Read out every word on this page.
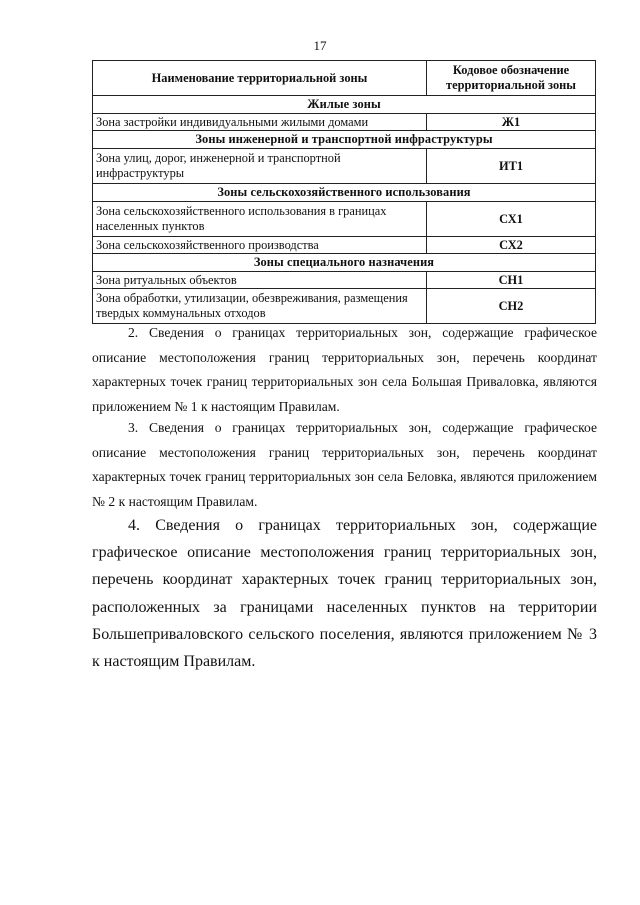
17
Наименование территориальной зоны	Кодовое обозначение территориальной зоны
Жилые зоны	
Зона застройки индивидуальными жилыми домами	Ж1
Зоны инженерной и транспортной инфраструктуры	
Зона улиц, дорог, инженерной и транспортной инфраструктуры	ИТ1
Зоны сельскохозяйственного использования	
Зона сельскохозяйственного использования в границах населенных пунктов	СХ1
Зона сельскохозяйственного производства	СХ2
Зоны специального назначения	
Зона ритуальных объектов	СН1
Зона обработки, утилизации, обезвреживания, размещения твердых коммунальных отходов	СН2

2. Сведения о границах территориальных зон, содержащие графическое описание местоположения границ территориальных зон, перечень координат характерных точек границ территориальных зон села Большая Приваловка, являются приложением № 1 к настоящим Правилам.

3. Сведения о границах территориальных зон, содержащие графическое описание местоположения границ территориальных зон, перечень координат характерных точек границ территориальных зон села Беловка, являются приложением № 2 к настоящим Правилам.

4. Сведения о границах территориальных зон, содержащие графическое описание местоположения границ территориальных зон, перечень координат характерных точек границ территориальных зон, расположенных за границами населенных пунктов на территории Большеприваловского сельского поселения, являются приложением № 3 к настоящим Правилам.
